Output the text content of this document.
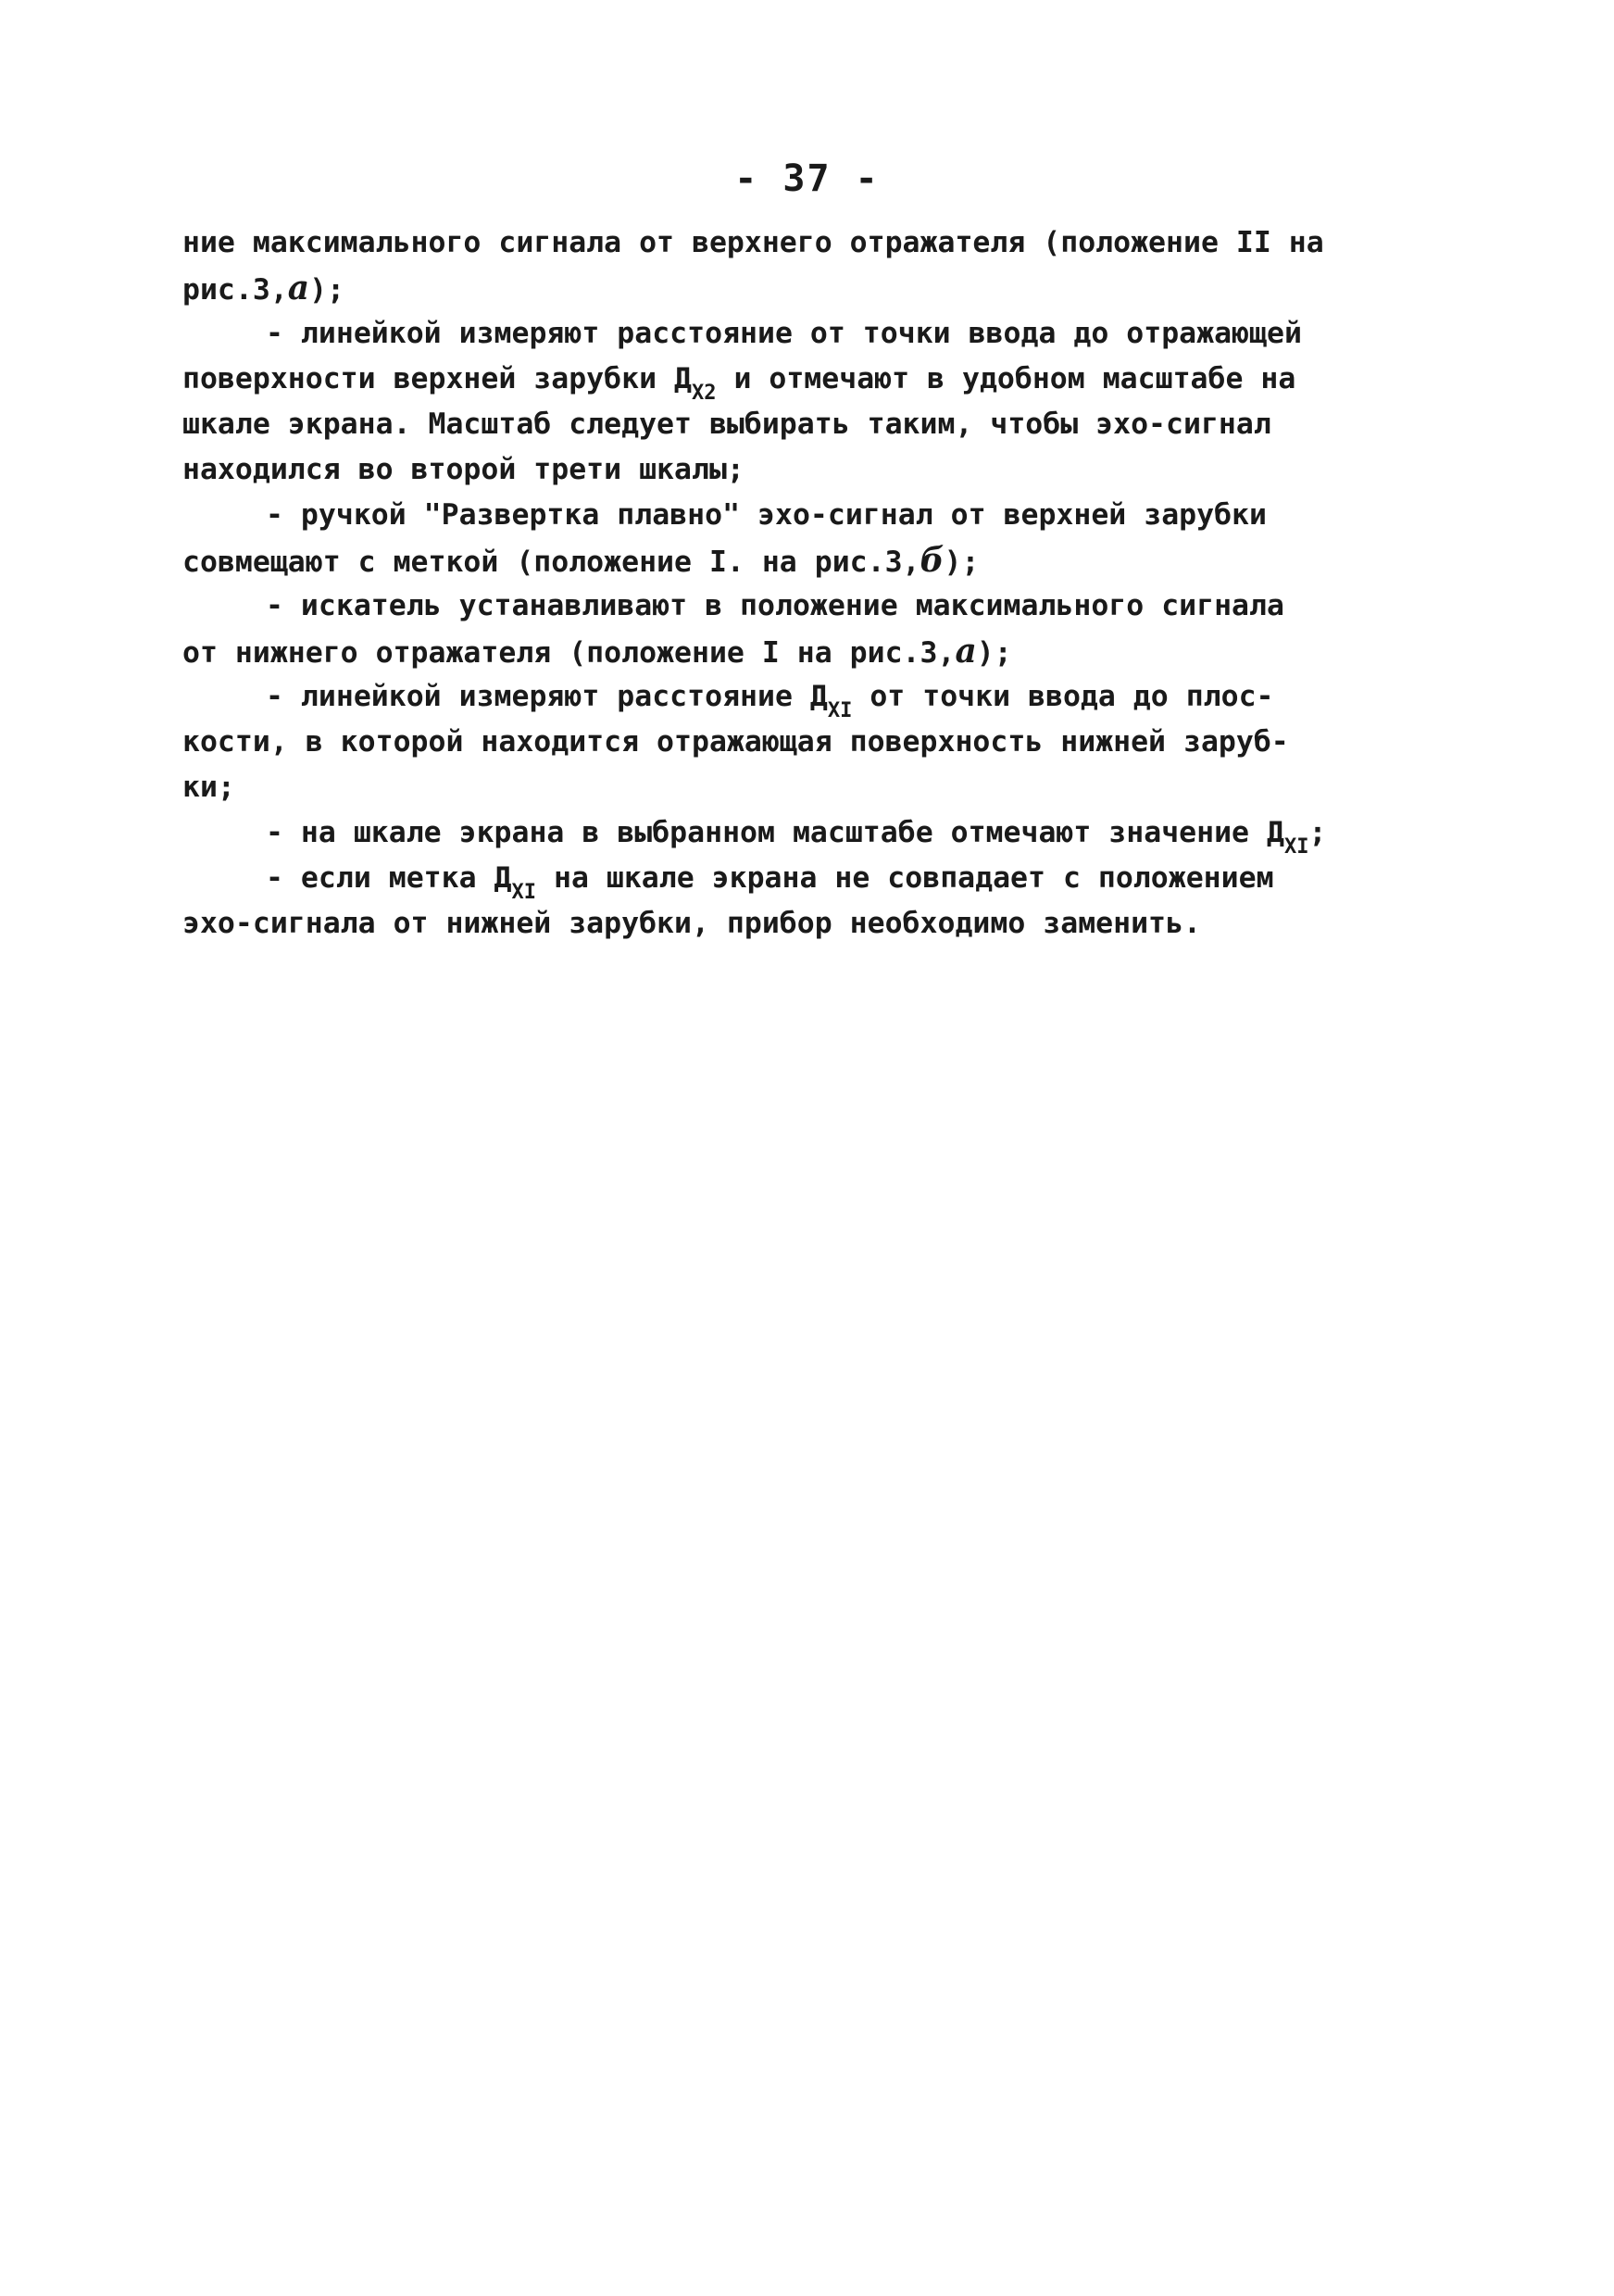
- 37 -
ние максимального сигнала от верхнего отражателя (положение II на
рис.3,а);
- линейкой измеряют расстояние от точки ввода до отражающей
поверхности верхней зарубки $Д_{X2}$ и отмечают в удобном масштабе на
шкале экрана. Масштаб следует выбирать таким, чтобы эхо-сигнал
находился во второй трети шкалы;
- ручкой "Развертка плавно" эхо-сигнал от верхней зарубки
совмещают с меткой (положение I. на рис.3,б);
- искатель устанавливают в положение максимального сигнала
от нижнего отражателя (положение I на рис.3,а);
- линейкой измеряют расстояние $Д_{XI}$ от точки ввода до плос-
кости, в которой находится отражающая поверхность нижней заруб-
ки;
- на шкале экрана в выбранном масштабе отмечают значение $Д_{XI}$;
- если метка $Д_{XI}$ на шкале экрана не совпадает с положением
эхо-сигнала от нижней зарубки, прибор необходимо заменить.
